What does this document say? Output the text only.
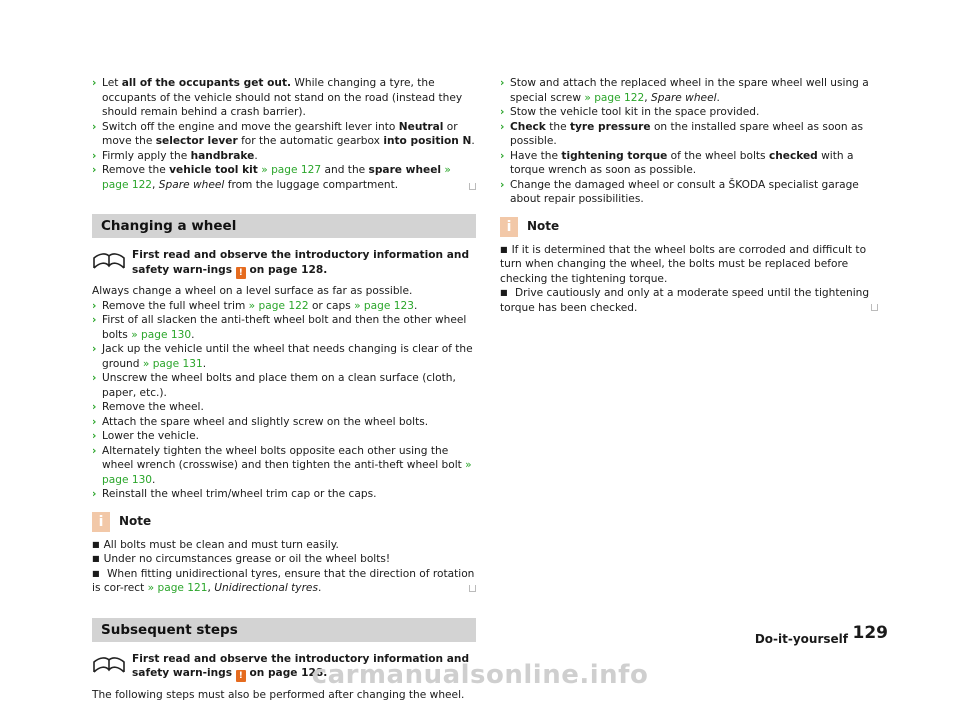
› Let all of the occupants get out. While changing a tyre, the occupants of the vehicle should not stand on the road (instead they should remain behind a crash barrier).
› Switch off the engine and move the gearshift lever into Neutral or move the selector lever for the automatic gearbox into position N.
› Firmly apply the handbrake.
› Remove the vehicle tool kit » page 127 and the spare wheel » page 122, Spare wheel from the luggage compartment.
Changing a wheel
First read and observe the introductory information and safety warn-ings ! on page 128.
Always change a wheel on a level surface as far as possible.
› Remove the full wheel trim » page 122 or caps » page 123.
› First of all slacken the anti-theft wheel bolt and then the other wheel bolts » page 130.
› Jack up the vehicle until the wheel that needs changing is clear of the ground » page 131.
› Unscrew the wheel bolts and place them on a clean surface (cloth, paper, etc.).
› Remove the wheel.
› Attach the spare wheel and slightly screw on the wheel bolts.
› Lower the vehicle.
› Alternately tighten the wheel bolts opposite each other using the wheel wrench (crosswise) and then tighten the anti-theft wheel bolt » page 130.
› Reinstall the wheel trim/wheel trim cap or the caps.
i	Note
■ All bolts must be clean and must turn easily.
■ Under no circumstances grease or oil the wheel bolts!
■ When fitting unidirectional tyres, ensure that the direction of rotation is cor-rect » page 121, Unidirectional tyres.
Subsequent steps
First read and observe the introductory information and safety warn-ings ! on page 128.
The following steps must also be performed after changing the wheel.
› Stow and attach the replaced wheel in the spare wheel well using a special screw » page 122, Spare wheel.
› Stow the vehicle tool kit in the space provided.
› Check the tyre pressure on the installed spare wheel as soon as possible.
› Have the tightening torque of the wheel bolts checked with a torque wrench as soon as possible.
› Change the damaged wheel or consult a ŠKODA specialist garage about repair possibilities.
i	Note
■ If it is determined that the wheel bolts are corroded and difficult to turn when changing the wheel, the bolts must be replaced before checking the tightening torque.
■ Drive cautiously and only at a moderate speed until the tightening torque has been checked.
Do-it-yourself 129
carmanualsonline.info
